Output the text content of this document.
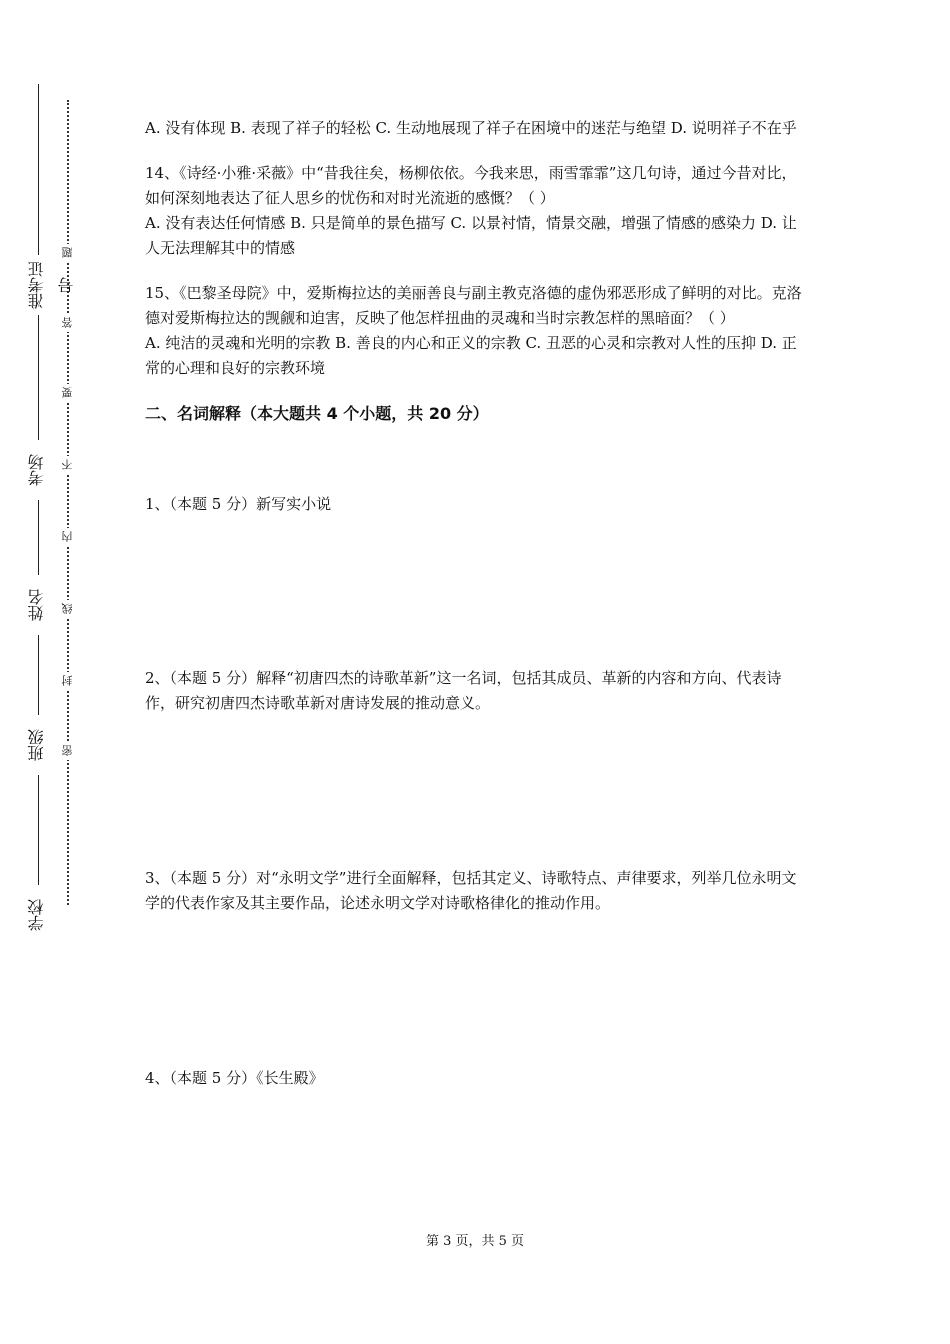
准考证号
考场
姓名
班级
学校
题
答
要
不
内
线
封
密

A. 没有体现 B. 表现了祥子的轻松 C. 生动地展现了祥子在困境中的迷茫与绝望 D. 说明祥子不在乎

14、《诗经·小雅·采薇》中“昔我往矣，杨柳依依。今我来思，雨雪霏霏”这几句诗，通过今昔对比，如何深刻地表达了征人思乡的忧伤和对时光流逝的感慨？（ ）

A. 没有表达任何情感 B. 只是简单的景色描写 C. 以景衬情，情景交融，增强了情感的感染力 D. 让人无法理解其中的情感

15、《巴黎圣母院》中，爱斯梅拉达的美丽善良与副主教克洛德的虚伪邪恶形成了鲜明的对比。克洛德对爱斯梅拉达的觊觎和迫害，反映了他怎样扭曲的灵魂和当时宗教怎样的黑暗面？（ ）

A. 纯洁的灵魂和光明的宗教 B. 善良的内心和正义的宗教 C. 丑恶的心灵和宗教对人性的压抑 D. 正常的心理和良好的宗教环境

二、名词解释（本大题共 4 个小题，共 20 分）

1、（本题 5 分）新写实小说
2、（本题 5 分）解释“初唐四杰的诗歌革新”这一名词，包括其成员、革新的内容和方向、代表诗作，研究初唐四杰诗歌革新对唐诗发展的推动意义。
3、（本题 5 分）对“永明文学”进行全面解释，包括其定义、诗歌特点、声律要求，列举几位永明文学的代表作家及其主要作品，论述永明文学对诗歌格律化的推动作用。
4、（本题 5 分）《长生殿》
第 3 页，共 5 页
